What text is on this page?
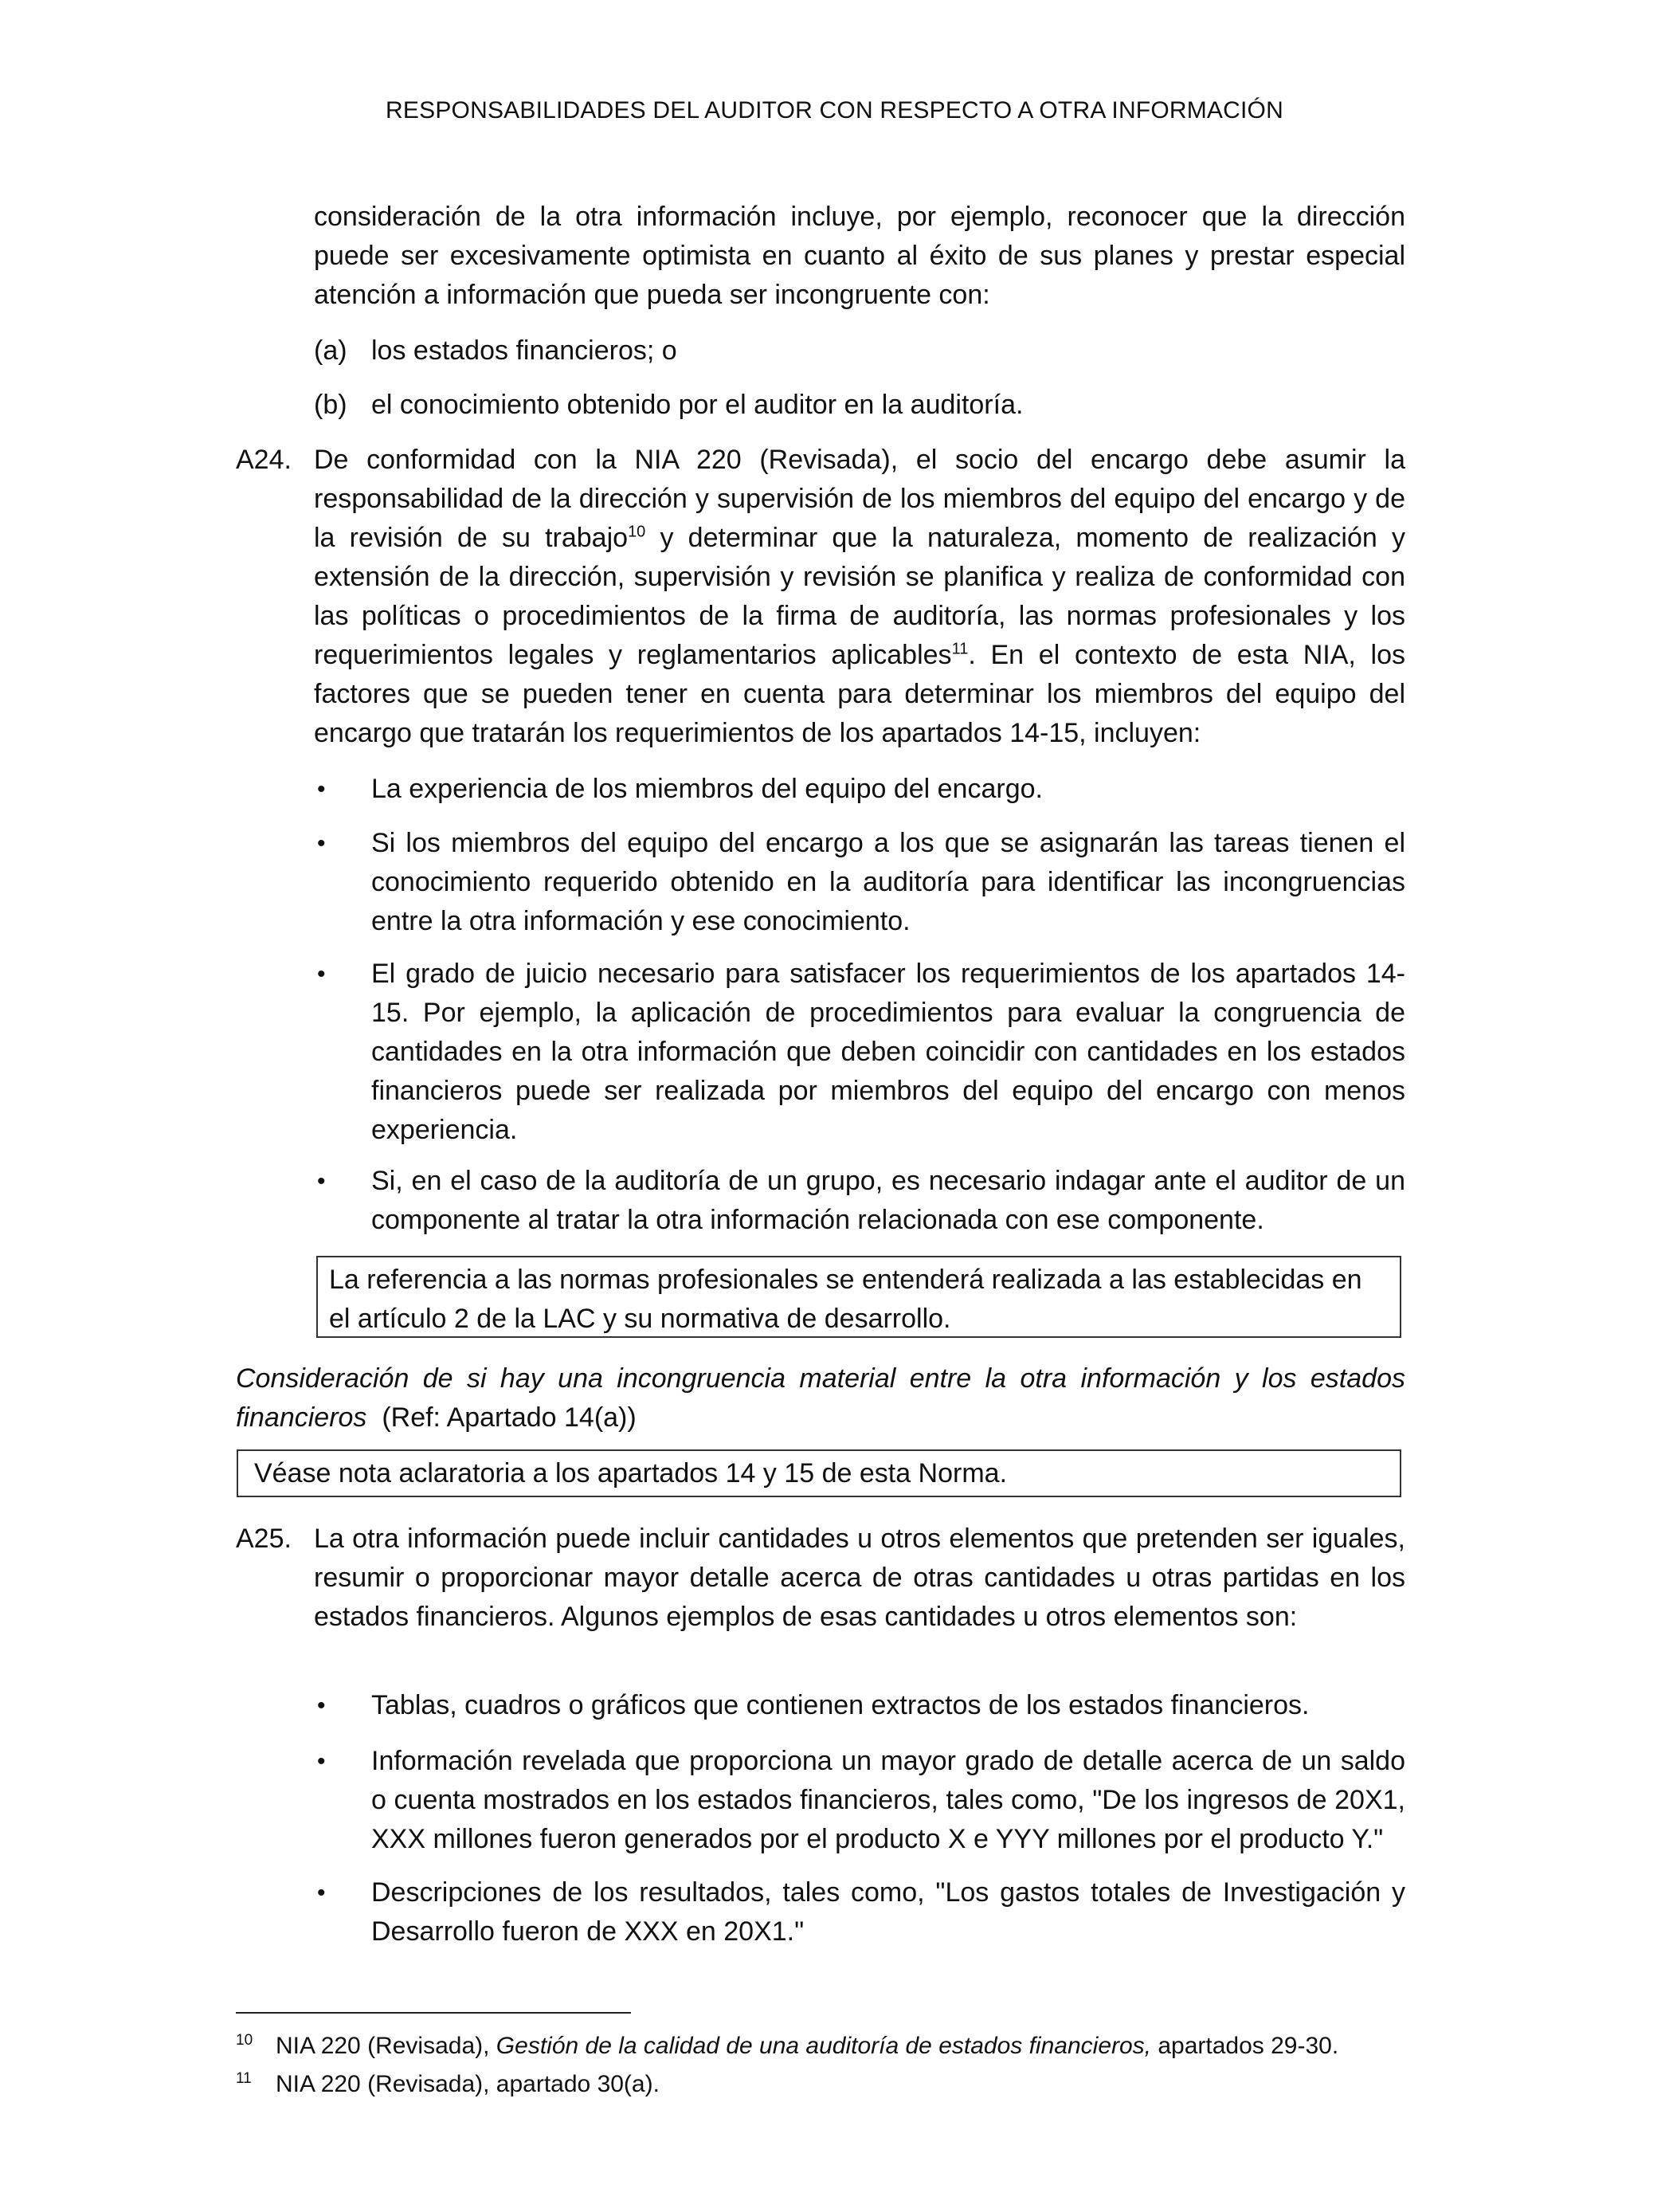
RESPONSABILIDADES DEL AUDITOR CON RESPECTO A OTRA INFORMACIÓN
consideración de la otra información incluye, por ejemplo, reconocer que la dirección puede ser excesivamente optimista en cuanto al éxito de sus planes y prestar especial atención a información que pueda ser incongruente con:
(a) los estados financieros; o
(b) el conocimiento obtenido por el auditor en la auditoría.
A24. De conformidad con la NIA 220 (Revisada), el socio del encargo debe asumir la responsabilidad de la dirección y supervisión de los miembros del equipo del encargo y de la revisión de su trabajo$^{10}$ y determinar que la naturaleza, momento de realización y extensión de la dirección, supervisión y revisión se planifica y realiza de conformidad con las políticas o procedimientos de la firma de auditoría, las normas profesionales y los requerimientos legales y reglamentarios aplicables$^{11}$. En el contexto de esta NIA, los factores que se pueden tener en cuenta para determinar los miembros del equipo del encargo que tratarán los requerimientos de los apartados 14-15, incluyen:
• La experiencia de los miembros del equipo del encargo.
• Si los miembros del equipo del encargo a los que se asignarán las tareas tienen el conocimiento requerido obtenido en la auditoría para identificar las incongruencias entre la otra información y ese conocimiento.
• El grado de juicio necesario para satisfacer los requerimientos de los apartados 14-15. Por ejemplo, la aplicación de procedimientos para evaluar la congruencia de cantidades en la otra información que deben coincidir con cantidades en los estados financieros puede ser realizada por miembros del equipo del encargo con menos experiencia.
• Si, en el caso de la auditoría de un grupo, es necesario indagar ante el auditor de un componente al tratar la otra información relacionada con ese componente.
La referencia a las normas profesionales se entenderá realizada a las establecidas en el artículo 2 de la LAC y su normativa de desarrollo.
Consideración de si hay una incongruencia material entre la otra información y los estados financieros  (Ref: Apartado 14(a))
Véase nota aclaratoria a los apartados 14 y 15 de esta Norma.
A25. La otra información puede incluir cantidades u otros elementos que pretenden ser iguales, resumir o proporcionar mayor detalle acerca de otras cantidades u otras partidas en los estados financieros. Algunos ejemplos de esas cantidades u otros elementos son:
• Tablas, cuadros o gráficos que contienen extractos de los estados financieros.
• Información revelada que proporciona un mayor grado de detalle acerca de un saldo o cuenta mostrados en los estados financieros, tales como, "De los ingresos de 20X1, XXX millones fueron generados por el producto X e YYY millones por el producto Y."
• Descripciones de los resultados, tales como, "Los gastos totales de Investigación y Desarrollo fueron de XXX en 20X1."
10 NIA 220 (Revisada), Gestión de la calidad de una auditoría de estados financieros, apartados 29-30.
11 NIA 220 (Revisada), apartado 30(a).
